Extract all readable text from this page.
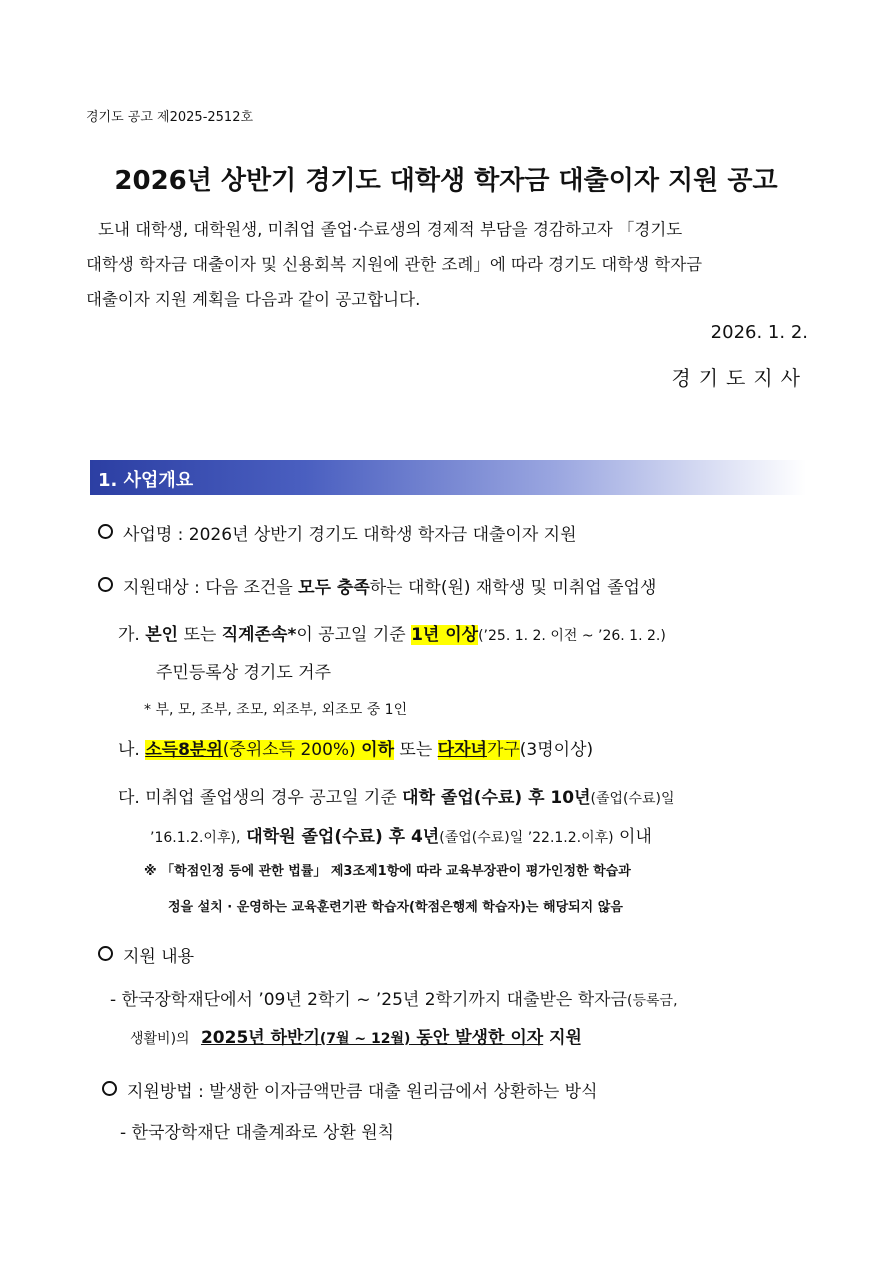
경기도 공고 제2025-2512호
2026년 상반기 경기도 대학생 학자금 대출이자 지원 공고

도내 대학생, 대학원생, 미취업 졸업·수료생의 경제적 부담을 경감하고자 「경기도

대학생 학자금 대출이자 및 신용회복 지원에 관한 조례」에 따라 경기도 대학생 학자금

대출이자 지원 계획을 다음과 같이 공고합니다.

2026. 1. 2.
경기도지사
1. 사업개요
사업명 : 2026년 상반기 경기도 대학생 학자금 대출이자 지원
지원대상 : 다음 조건을 모두 충족하는 대학(원) 재학생 및 미취업 졸업생
가. 본인 또는 직계존속*이 공고일 기준 1년 이상(’25. 1. 2. 이전 ~ ’26. 1. 2.)
주민등록상 경기도 거주
* 부, 모, 조부, 조모, 외조부, 외조모 중 1인
나. 소득8분위(중위소득 200%) 이하 또는 다자녀가구(3명이상)
다. 미취업 졸업생의 경우 공고일 기준 대학 졸업(수료) 후 10년(졸업(수료)일
’16.1.2.이후), 대학원 졸업(수료) 후 4년(졸업(수료)일 ’22.1.2.이후) 이내
※ 「학점인정 등에 관한 법률」 제3조제1항에 따라 교육부장관이 평가인정한 학습과
정을 설치 · 운영하는 교육훈련기관 학습자(학점은행제 학습자)는 해당되지 않음
지원 내용
- 한국장학재단에서 ’09년 2학기 ~ ’25년 2학기까지 대출받은 학자금(등록금,
생활비)의 2025년 하반기(7월 ~ 12월) 동안 발생한 이자 지원
지원방법 : 발생한 이자금액만큼 대출 원리금에서 상환하는 방식
- 한국장학재단 대출계좌로 상환 원칙
